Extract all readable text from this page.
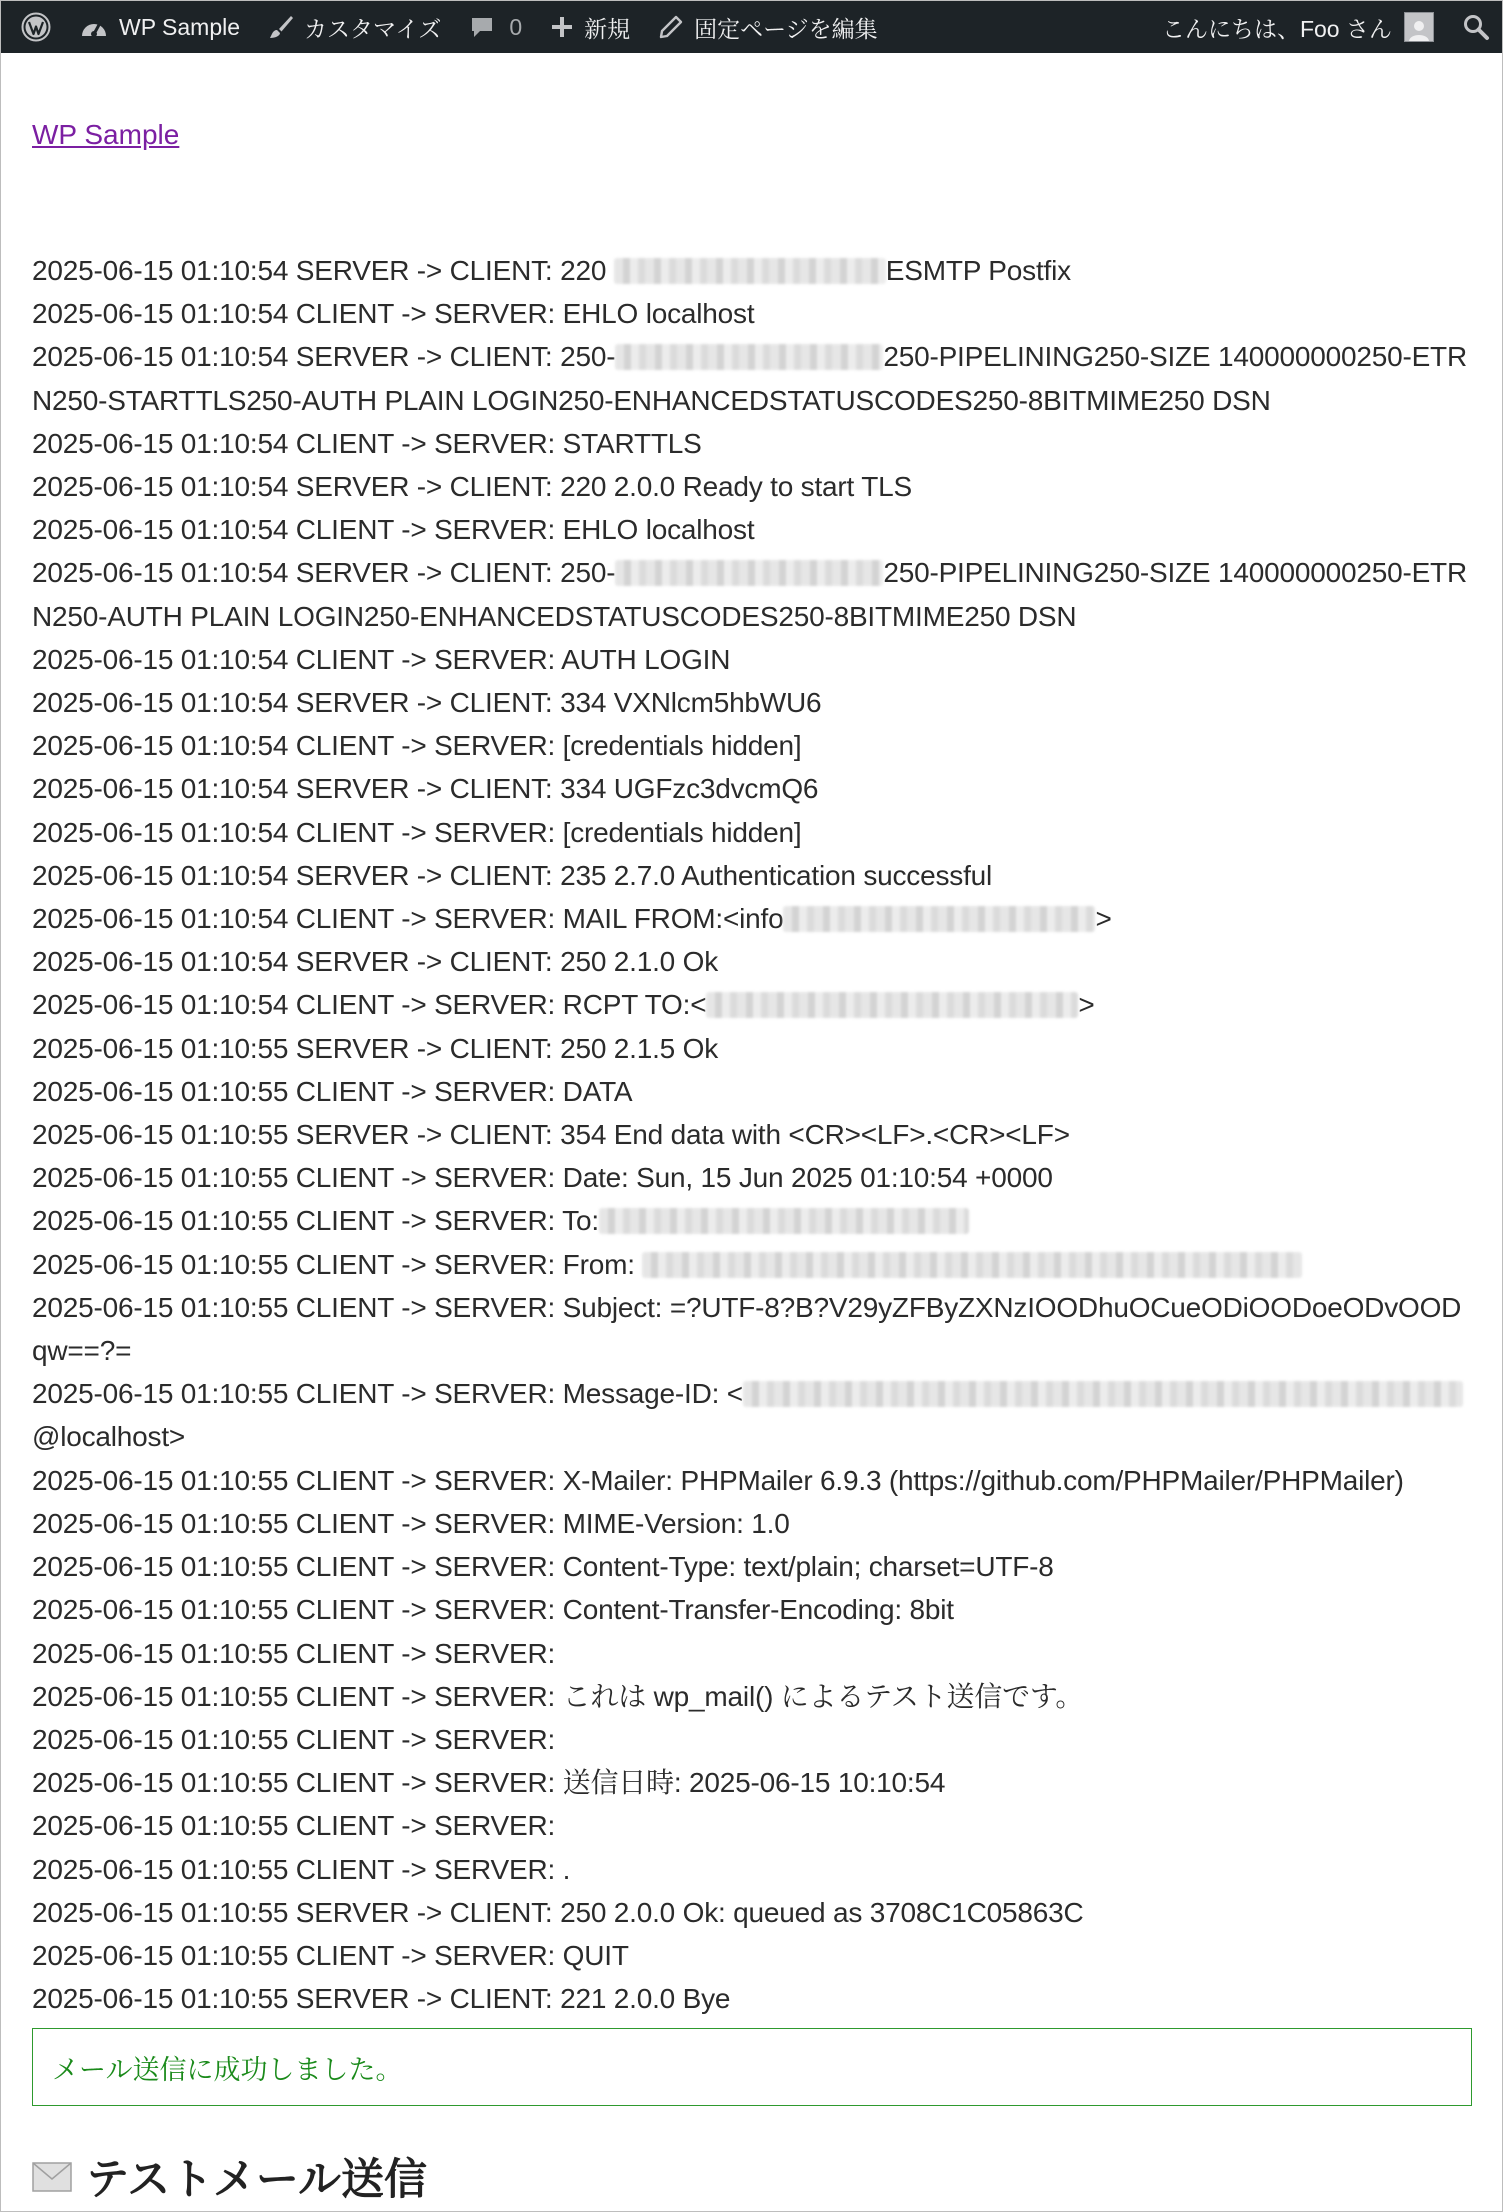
WP Sample	カスタマイズ	0	新規	固定ページを編集	こんにちは、Foo さん
WP Sample

2025-06-15 01:10:54 SERVER -> CLIENT: 220	ESMTP Postfix

2025-06-15 01:10:54 CLIENT -> SERVER: EHLO localhost

2025-06-15 01:10:54 SERVER -> CLIENT: 250-	250-PIPELINING250-SIZE 140000000250-ETRN250-STARTTLS250-AUTH PLAIN LOGIN250-ENHANCEDSTATUSCODES250-8BITMIME250 DSN

2025-06-15 01:10:54 CLIENT -> SERVER: STARTTLS

2025-06-15 01:10:54 SERVER -> CLIENT: 220 2.0.0 Ready to start TLS

2025-06-15 01:10:54 CLIENT -> SERVER: EHLO localhost

2025-06-15 01:10:54 SERVER -> CLIENT: 250-	250-PIPELINING250-SIZE 140000000250-ETRN250-AUTH PLAIN LOGIN250-ENHANCEDSTATUSCODES250-8BITMIME250 DSN

2025-06-15 01:10:54 CLIENT -> SERVER: AUTH LOGIN

2025-06-15 01:10:54 SERVER -> CLIENT: 334 VXNlcm5hbWU6

2025-06-15 01:10:54 CLIENT -> SERVER: [credentials hidden]

2025-06-15 01:10:54 SERVER -> CLIENT: 334 UGFzc3dvcmQ6

2025-06-15 01:10:54 CLIENT -> SERVER: [credentials hidden]

2025-06-15 01:10:54 SERVER -> CLIENT: 235 2.7.0 Authentication successful

2025-06-15 01:10:54 CLIENT -> SERVER: MAIL FROM:<info	>

2025-06-15 01:10:54 SERVER -> CLIENT: 250 2.1.0 Ok

2025-06-15 01:10:54 CLIENT -> SERVER: RCPT TO:<	>

2025-06-15 01:10:55 SERVER -> CLIENT: 250 2.1.5 Ok

2025-06-15 01:10:55 CLIENT -> SERVER: DATA

2025-06-15 01:10:55 SERVER -> CLIENT: 354 End data with <CR><LF>.<CR><LF>

2025-06-15 01:10:55 CLIENT -> SERVER: Date: Sun, 15 Jun 2025 01:10:54 +0000

2025-06-15 01:10:55 CLIENT -> SERVER: To:

2025-06-15 01:10:55 CLIENT -> SERVER: From:

2025-06-15 01:10:55 CLIENT -> SERVER: Subject: =?UTF-8?B?V29yZFByZXNzIOODhuOCueODiOODoeODvOODqw==?=

2025-06-15 01:10:55 CLIENT -> SERVER: Message-ID: <@localhost>

2025-06-15 01:10:55 CLIENT -> SERVER: X-Mailer: PHPMailer 6.9.3 (https://github.com/PHPMailer/PHPMailer)

2025-06-15 01:10:55 CLIENT -> SERVER: MIME-Version: 1.0

2025-06-15 01:10:55 CLIENT -> SERVER: Content-Type: text/plain; charset=UTF-8

2025-06-15 01:10:55 CLIENT -> SERVER: Content-Transfer-Encoding: 8bit

2025-06-15 01:10:55 CLIENT -> SERVER:

2025-06-15 01:10:55 CLIENT -> SERVER: これは wp_mail() によるテスト送信です。

2025-06-15 01:10:55 CLIENT -> SERVER:

2025-06-15 01:10:55 CLIENT -> SERVER: 送信日時: 2025-06-15 10:10:54

2025-06-15 01:10:55 CLIENT -> SERVER:

2025-06-15 01:10:55 CLIENT -> SERVER: .

2025-06-15 01:10:55 SERVER -> CLIENT: 250 2.0.0 Ok: queued as 3708C1C05863C

2025-06-15 01:10:55 CLIENT -> SERVER: QUIT

2025-06-15 01:10:55 SERVER -> CLIENT: 221 2.0.0 Bye

メール送信に成功しました。
テストメール送信
